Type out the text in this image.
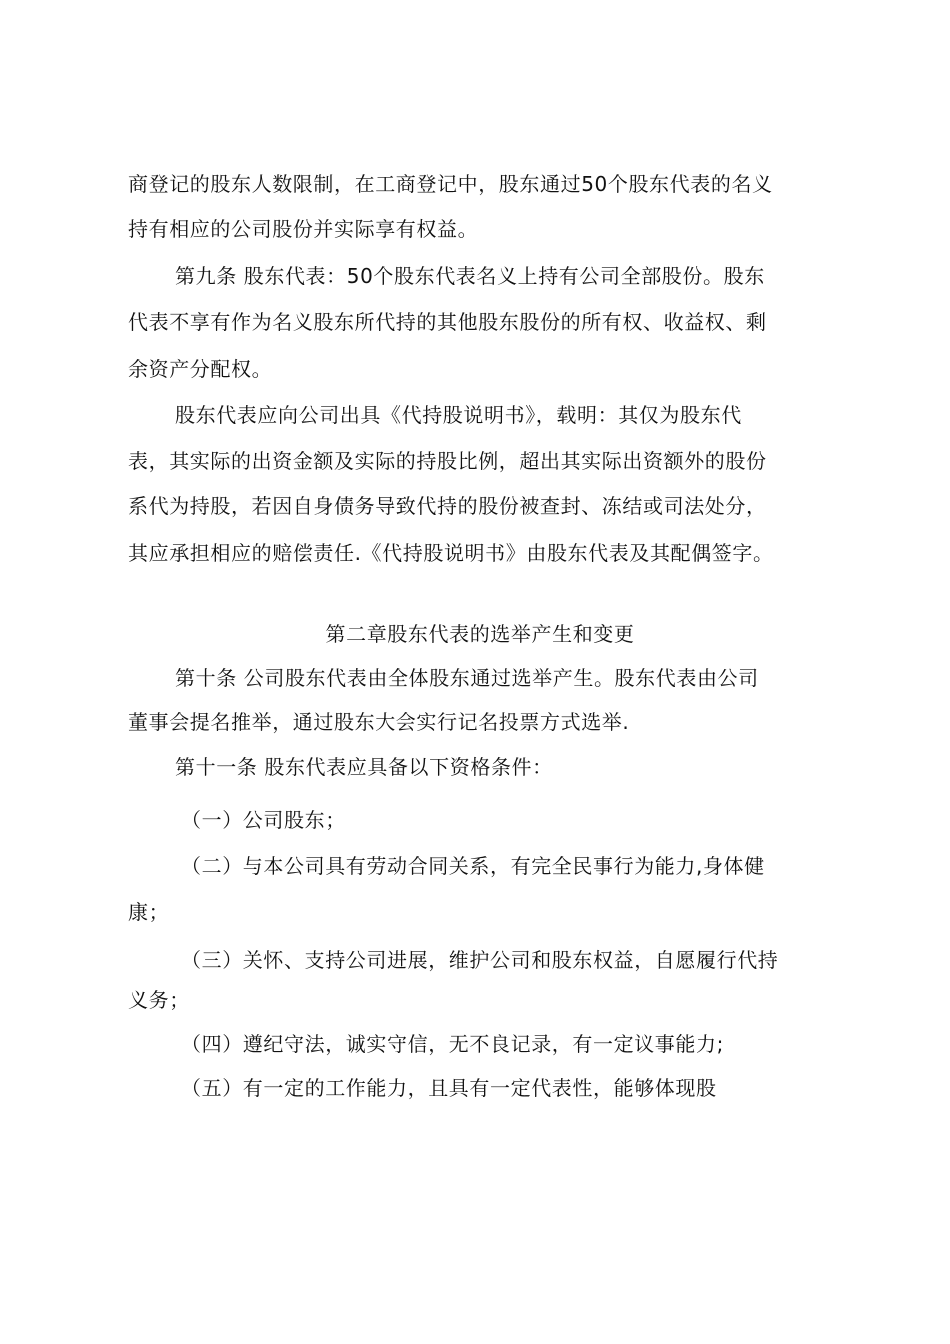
商登记的股东人数限制，在工商登记中，股东通过50个股东代表的名义
持有相应的公司股份并实际享有权益。
第九条 股东代表：50个股东代表名义上持有公司全部股份。股东
代表不享有作为名义股东所代持的其他股东股份的所有权、收益权、剩
余资产分配权。
股东代表应向公司出具《代持股说明书》，载明：其仅为股东代
表，其实际的出资金额及实际的持股比例，超出其实际出资额外的股份
系代为持股，若因自身债务导致代持的股份被查封、冻结或司法处分，
其应承担相应的赔偿责任.《代持股说明书》由股东代表及其配偶签字。
第二章股东代表的选举产生和变更
第十条 公司股东代表由全体股东通过选举产生。股东代表由公司
董事会提名推举，通过股东大会实行记名投票方式选举.
第十一条 股东代表应具备以下资格条件：
（一）公司股东；
（二）与本公司具有劳动合同关系，有完全民事行为能力,身体健
康；
（三）关怀、支持公司进展，维护公司和股东权益，自愿履行代持
义务；
（四）遵纪守法，诚实守信，无不良记录，有一定议事能力;
（五）有一定的工作能力，且具有一定代表性，能够体现股
